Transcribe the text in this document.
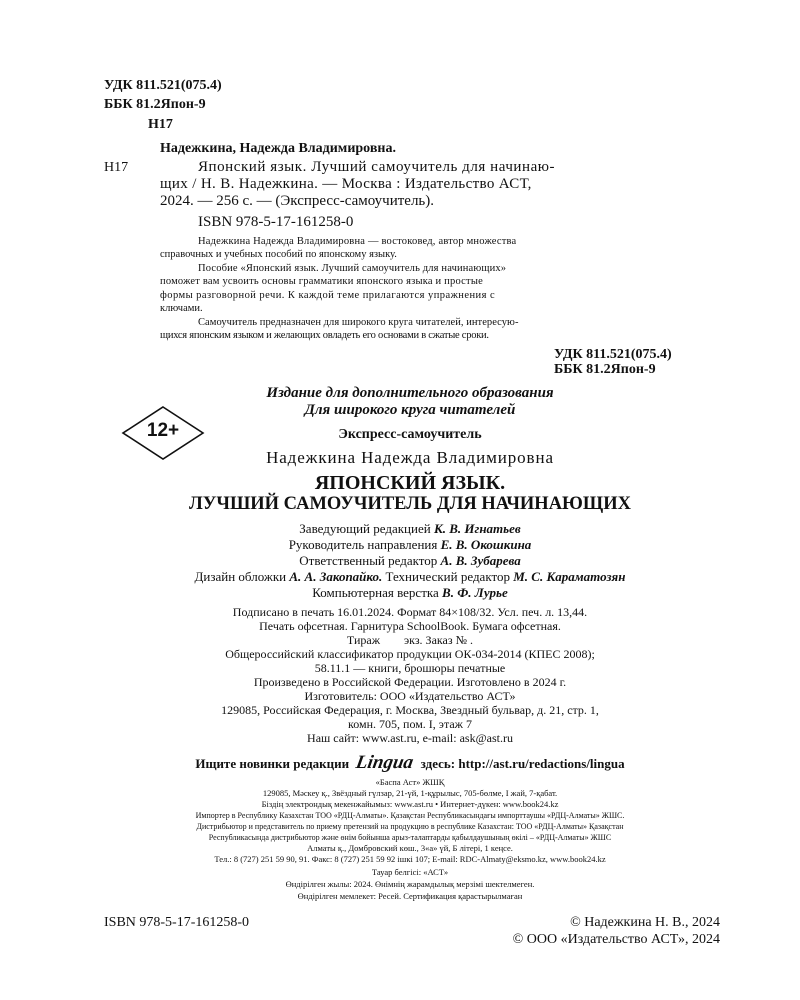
УДК 811.521(075.4)
ББК 81.2Япон-9
Н17
Надежкина, Надежда Владимировна.
Н17	Японский язык. Лучший самоучитель для начинаю-
щих / Н. В. Надежкина. — Москва : Издательство АСТ,
2024. — 256 с. — (Экспресс-самоучитель).
ISBN 978-5-17-161258-0
Надежкина Надежда Владимировна — востоковед, автор множества
справочных и учебных пособий по японскому языку.
Пособие «Японский язык. Лучший самоучитель для начинающих»
поможет вам усвоить основы грамматики японского языка и простые
формы разговорной речи. К каждой теме прилагаются упражнения с
ключами.
Самоучитель предназначен для широкого круга читателей, интересую-
щихся японским языком и желающих овладеть его основами в сжатые сроки.
УДК 811.521(075.4)
ББК 81.2Япон-9
Издание для дополнительного образования
Для широкого круга читателей
12+	Экспресс-самоучитель
Надежкина Надежда Владимировна
ЯПОНСКИЙ ЯЗЫК.
ЛУЧШИЙ САМОУЧИТЕЛЬ ДЛЯ НАЧИНАЮЩИХ
Заведующий редакцией К. В. Игнатьев
Руководитель направления Е. В. Окошкина
Ответственный редактор А. В. Зубарева
Дизайн обложки А. А. Закопайко. Технический редактор М. С. Караматозян
Компьютерная верстка В. Ф. Лурье
Подписано в печать 16.01.2024. Формат 84×108/32. Усл. печ. л. 13,44.
Печать офсетная. Гарнитура SchoolBook. Бумага офсетная.
Тираж        экз. Заказ № .
Общероссийский классификатор продукции ОК-034-2014 (КПЕС 2008);
58.11.1 — книги, брошюры печатные
Произведено в Российской Федерации. Изготовлено в 2024 г.
Изготовитель: ООО «Издательство АСТ»
129085, Российская Федерация, г. Москва, Звездный бульвар, д. 21, стр. 1,
комн. 705, пом. I, этаж 7
Наш сайт: www.ast.ru, e-mail: ask@ast.ru
Ищите новинки редакции Lingua здесь: http://ast.ru/redactions/lingua
«Баспа Аст» ЖШҚ
129085, Мәскеу қ., Звёздный гүлзар, 21-үй, 1-құрылыс, 705-бөлме, I жай, 7-қабат.
Біздің электрондық мекенжайымыз: www.ast.ru • Интернет-дүкен: www.book24.kz
Импортер в Республику Казахстан ТОО «РДЦ-Алматы». Қазақстан Республикасындағы импорттаушы «РДЦ-Алматы» ЖШС.
Дистрибьютор и представитель по приему претензий на продукцию в республике Казахстан: ТОО «РДЦ-Алматы» Қазақстан
Республикасында дистрибьютор және өнім бойынша арыз-талаптарды қабылдаушының өкілі – «РДЦ-Алматы» ЖШС
Алматы қ., Домбровский көш., 3«а» үй, Б літері, 1 кеңсе.
Тел.: 8 (727) 251 59 90, 91. Факс: 8 (727) 251 59 92 ішкі 107; E-mail: RDC-Almaty@eksmo.kz, www.book24.kz
Тауар белгісі: «АСТ»
Өндірілген жылы: 2024. Өнімнің жарамдылық мерзімі шектелмеген.
Өндірілген мемлекет: Ресей. Сертификация қарастырылмаған
ISBN 978-5-17-161258-0	© Надежкина Н. В., 2024
© ООО «Издательство АСТ», 2024
